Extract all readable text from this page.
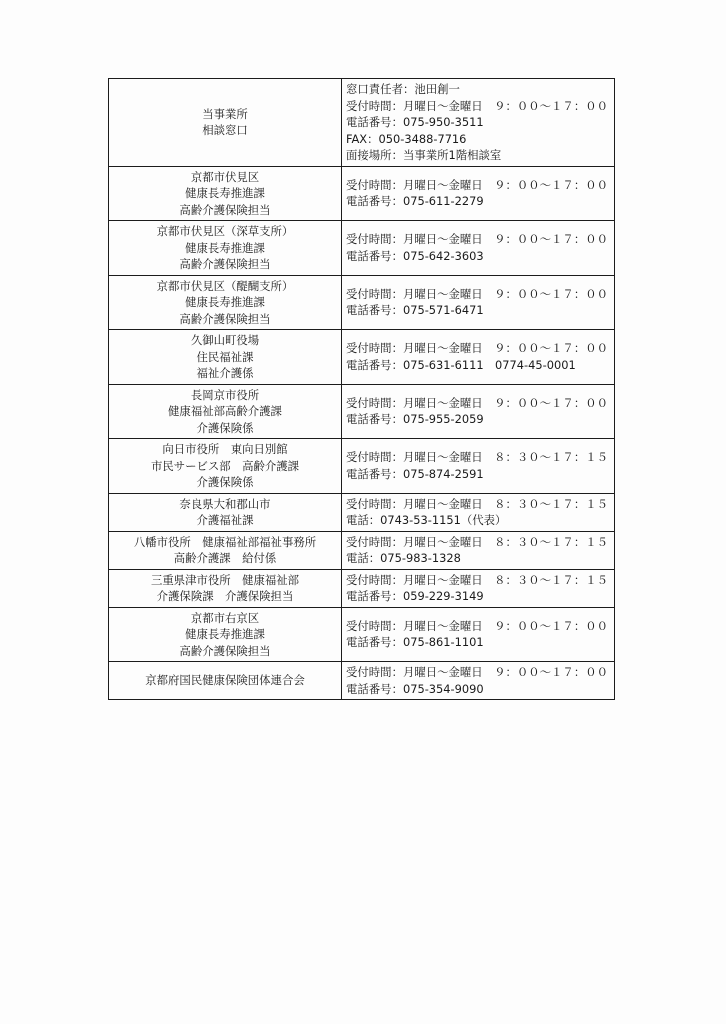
当事業所
相談窓口	窓口責任者：池田創一
受付時間：月曜日～金曜日　９：００～１７：００
電話番号：075-950-3511
FAX：050-3488-7716
面接場所：当事業所1階相談室

京都市伏見区
健康長寿推進課
高齢介護保険担当	受付時間：月曜日～金曜日　９：００～１７：００
電話番号：075-611-2279

京都市伏見区（深草支所）
健康長寿推進課
高齢介護保険担当	受付時間：月曜日～金曜日　９：００～１７：００
電話番号：075-642-3603

京都市伏見区（醍醐支所）
健康長寿推進課
高齢介護保険担当	受付時間：月曜日～金曜日　９：００～１７：００
電話番号：075-571-6471

久御山町役場
住民福祉課
福祉介護係	受付時間：月曜日～金曜日　９：００～１７：００
電話番号：075-631-6111　0774-45-0001

長岡京市役所
健康福祉部高齢介護課
介護保険係	受付時間：月曜日～金曜日　９：００～１７：００
電話番号：075-955-2059

向日市役所　東向日別館
市民サービス部　高齢介護課
介護保険係	受付時間：月曜日～金曜日　８：３０～１７：１５
電話番号：075-874-2591

奈良県大和郡山市
介護福祉課	受付時間：月曜日～金曜日　８：３０～１７：１５
電話：0743-53-1151（代表）

八幡市役所　健康福祉部福祉事務所
高齢介護課　給付係	受付時間：月曜日～金曜日　８：３０～１７：１５
電話：075-983-1328

三重県津市役所　健康福祉部
介護保険課　介護保険担当	受付時間：月曜日～金曜日　８：３０～１７：１５
電話番号：059-229-3149

京都市右京区
健康長寿推進課
高齢介護保険担当	受付時間：月曜日～金曜日　９：００～１７：００
電話番号：075-861-1101

京都府国民健康保険団体連合会	受付時間：月曜日～金曜日　９：００～１７：００
電話番号：075-354-9090
